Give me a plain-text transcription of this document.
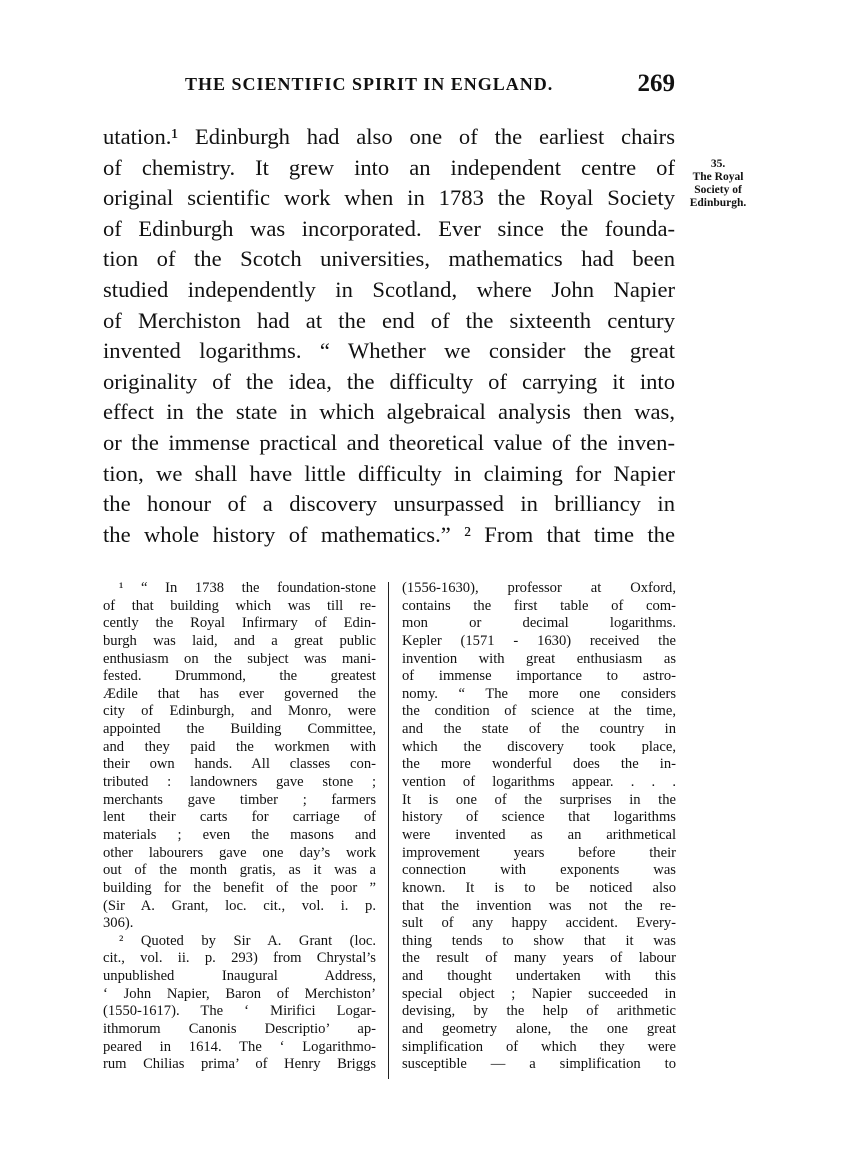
THE SCIENTIFIC SPIRIT IN ENGLAND.	269
utation.¹ Edinburgh had also one of the earliest chairs
of chemistry. It grew into an independent centre of
original scientific work when in 1783 the Royal Society
of Edinburgh was incorporated. Ever since the founda-
tion of the Scotch universities, mathematics had been
studied independently in Scotland, where John Napier
of Merchiston had at the end of the sixteenth century
invented logarithms. “ Whether we consider the great
originality of the idea, the difficulty of carrying it into
effect in the state in which algebraical analysis then was,
or the immense practical and theoretical value of the inven-
tion, we shall have little difficulty in claiming for Napier
the honour of a discovery unsurpassed in brilliancy in
the whole history of mathematics.” ² From that time the
35.
The Royal
Society of
Edinburgh.
¹ “ In 1738 the foundation-stone
of that building which was till re-
cently the Royal Infirmary of Edin-
burgh was laid, and a great public
enthusiasm on the subject was mani-
fested. Drummond, the greatest
Ædile that has ever governed the
city of Edinburgh, and Monro, were
appointed the Building Committee,
and they paid the workmen with
their own hands. All classes con-
tributed : landowners gave stone ;
merchants gave timber ; farmers
lent their carts for carriage of
materials ; even the masons and
other labourers gave one day’s work
out of the month gratis, as it was a
building for the benefit of the poor ”
(Sir A. Grant, loc. cit., vol. i. p.
306).
² Quoted by Sir A. Grant (loc.
cit., vol. ii. p. 293) from Chrystal’s
unpublished Inaugural Address,
‘ John Napier, Baron of Merchiston’
(1550-1617). The ‘ Mirifici Logar-
ithmorum Canonis Descriptio’ ap-
peared in 1614. The ‘ Logarithmo-
rum Chilias prima’ of Henry Briggs
(1556-1630), professor at Oxford,
contains the first table of com-
mon or decimal logarithms.
Kepler (1571 - 1630) received the
invention with great enthusiasm as
of immense importance to astro-
nomy. “ The more one considers
the condition of science at the time,
and the state of the country in
which the discovery took place,
the more wonderful does the in-
vention of logarithms appear. . . .
It is one of the surprises in the
history of science that logarithms
were invented as an arithmetical
improvement years before their
connection with exponents was
known. It is to be noticed also
that the invention was not the re-
sult of any happy accident. Every-
thing tends to show that it was
the result of many years of labour
and thought undertaken with this
special object ; Napier succeeded in
devising, by the help of arithmetic
and geometry alone, the one great
simplification of which they were
susceptible — a simplification to
